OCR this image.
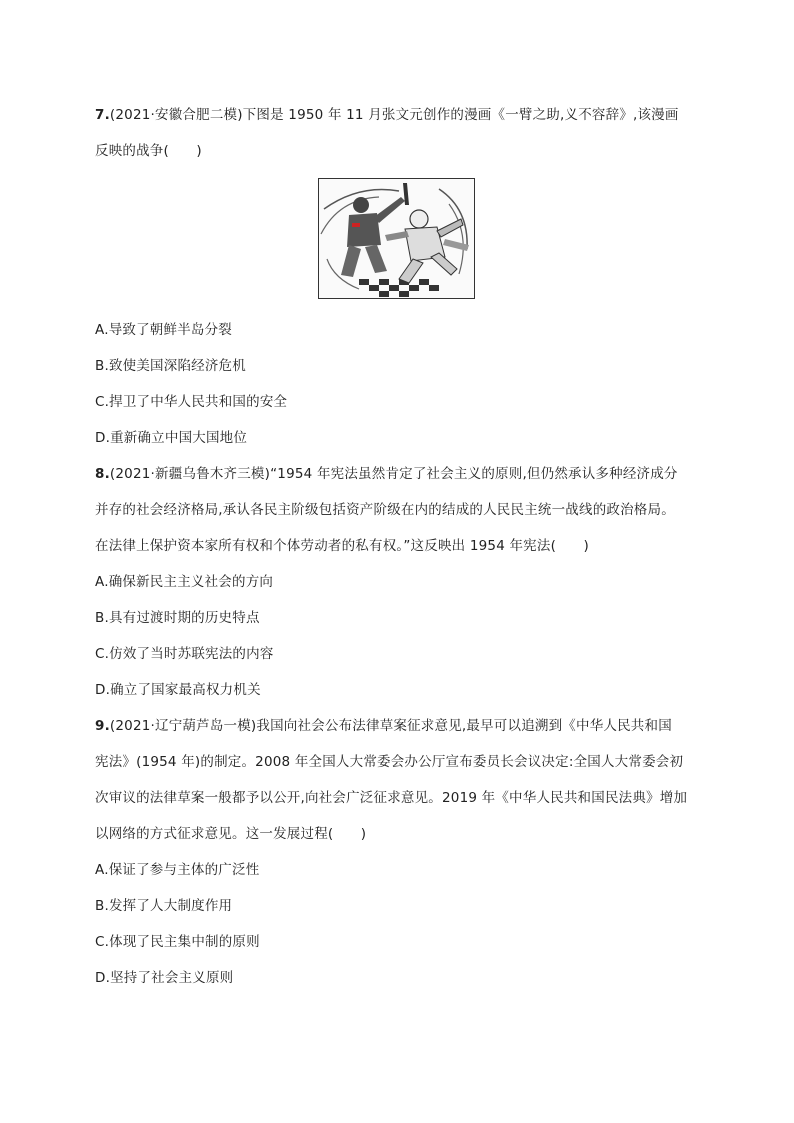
7.(2021·安徽合肥二模)下图是 1950 年 11 月张文元创作的漫画《一臂之助,义不容辞》,该漫画
反映的战争(　　)
A.导致了朝鲜半岛分裂
B.致使美国深陷经济危机
C.捍卫了中华人民共和国的安全
D.重新确立中国大国地位
8.(2021·新疆乌鲁木齐三模)“1954 年宪法虽然肯定了社会主义的原则,但仍然承认多种经济成分
并存的社会经济格局,承认各民主阶级包括资产阶级在内的结成的人民民主统一战线的政治格局。
在法律上保护资本家所有权和个体劳动者的私有权。”这反映出 1954 年宪法(　　)
A.确保新民主主义社会的方向
B.具有过渡时期的历史特点
C.仿效了当时苏联宪法的内容
D.确立了国家最高权力机关
9.(2021·辽宁葫芦岛一模)我国向社会公布法律草案征求意见,最早可以追溯到《中华人民共和国
宪法》(1954 年)的制定。2008 年全国人大常委会办公厅宣布委员长会议决定:全国人大常委会初
次审议的法律草案一般都予以公开,向社会广泛征求意见。2019 年《中华人民共和国民法典》增加
以网络的方式征求意见。这一发展过程(　　)
A.保证了参与主体的广泛性
B.发挥了人大制度作用
C.体现了民主集中制的原则
D.坚持了社会主义原则
